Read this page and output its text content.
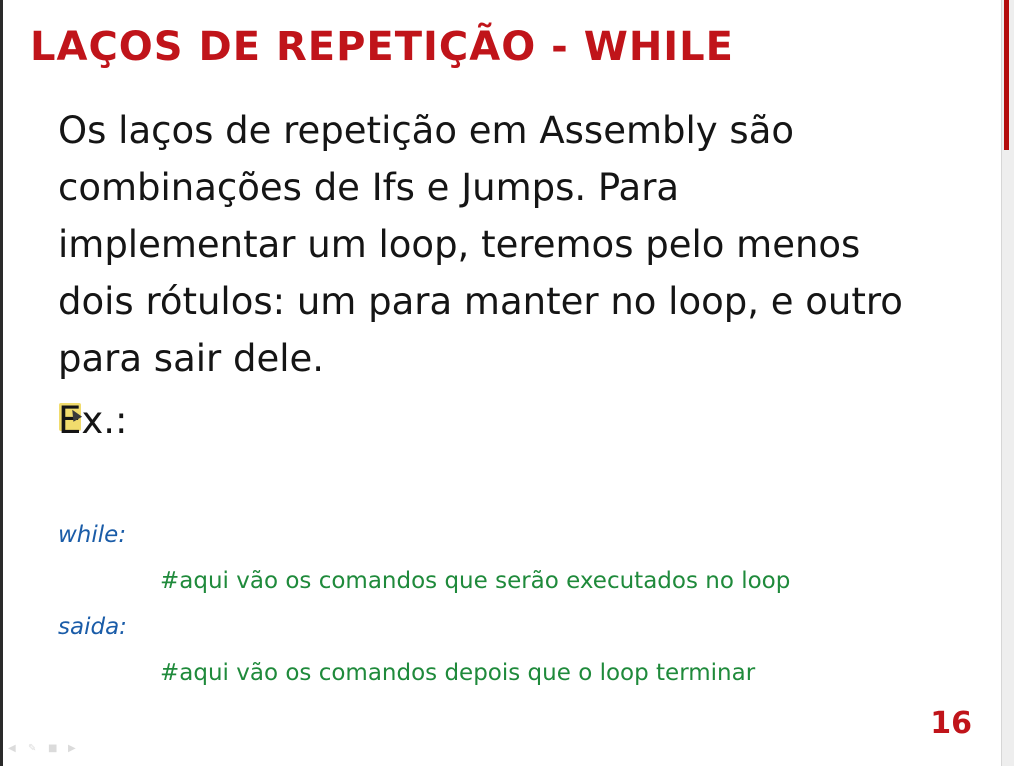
LAÇOS DE REPETIÇÃO - WHILE

Os laços de repetição em Assembly são combinações de Ifs e Jumps. Para implementar um loop, teremos pelo menos dois rótulos: um para manter no loop, e outro para sair dele.

Ex.:

while:

#aqui vão os comandos que serão executados no loop

saida:

#aqui vão os comandos depois que o loop terminar

16

◀	✎	■	▶
